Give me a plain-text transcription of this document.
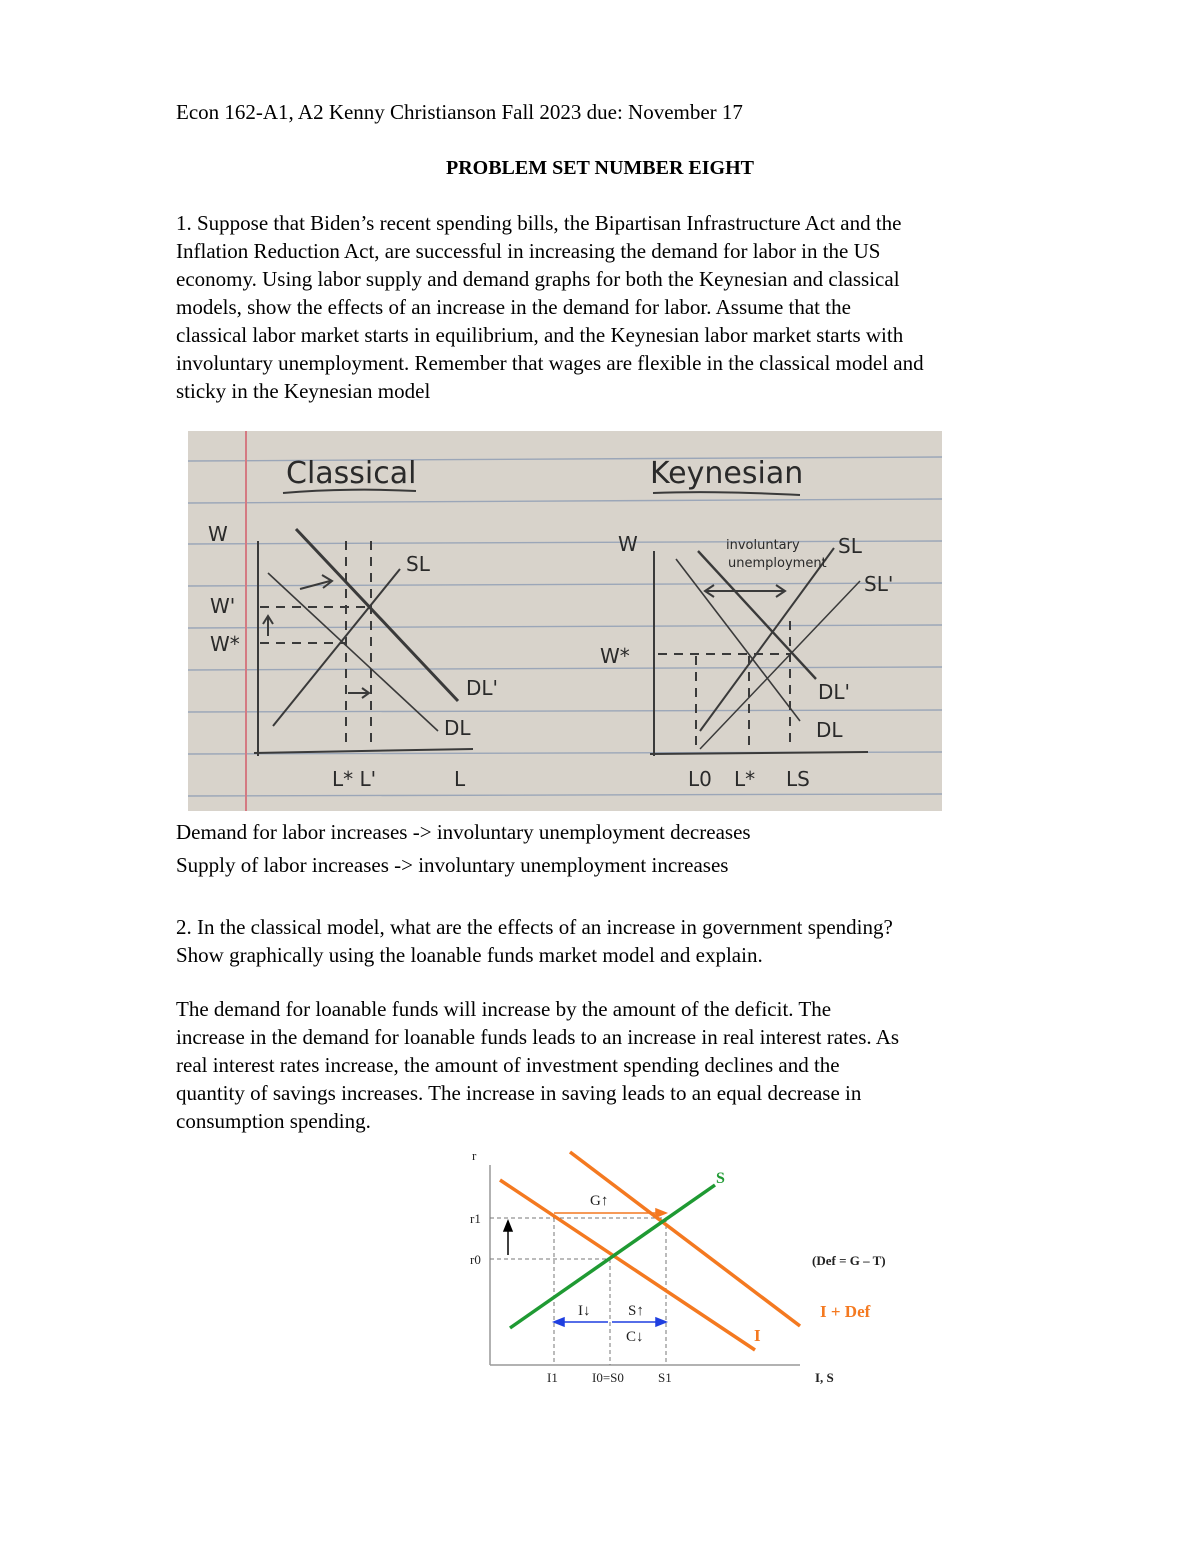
Econ 162-A1, A2 Kenny Christianson Fall 2023 due: November 17
PROBLEM SET NUMBER EIGHT
1. Suppose that Biden’s recent spending bills, the Bipartisan Infrastructure Act and the
Inflation Reduction Act, are successful in increasing the demand for labor in the US
economy. Using labor supply and demand graphs for both the Keynesian and classical
models, show the effects of an increase in the demand for labor. Assume that the
classical labor market starts in equilibrium, and the Keynesian labor market starts with
involuntary unemployment. Remember that wages are flexible in the classical model and
sticky in the Keynesian model
Classical
W
W'
W*
SL
DL'
DL
L* L'	L
Keynesian
W
W*
involuntary
unemployment
SL
SL'
DL'
DL
L0 L* LS
Demand for labor increases -> involuntary unemployment decreases
Supply of labor increases -> involuntary unemployment increases
2. In the classical model, what are the effects of an increase in government spending?
Show graphically using the loanable funds market model and explain.
The demand for loanable funds will increase by the amount of the deficit. The
increase in the demand for loanable funds leads to an increase in real interest rates. As
real interest rates increase, the amount of investment spending declines and the
quantity of savings increases. The increase in saving leads to an equal decrease in
consumption spending.
r
r1
r0
G↑
I↓	S↑
C↓
I1	I0=S0	S1	I, S
(Def = G – T)
S
I + Def
I
